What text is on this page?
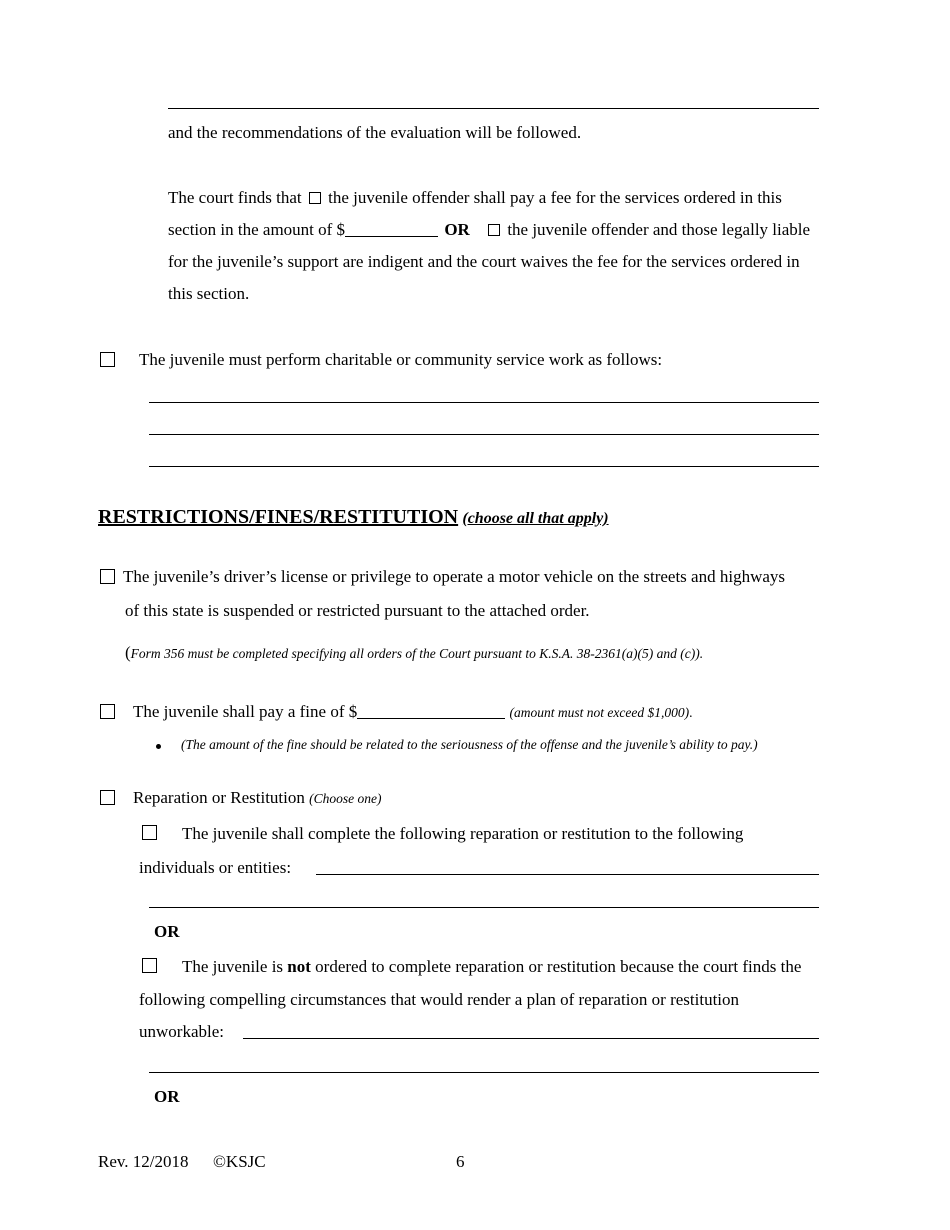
and the recommendations of the evaluation will be followed.
The court finds that the juvenile offender shall pay a fee for the services ordered in this
section in the amount of $	OR the juvenile offender and those legally liable
for the juvenile’s support are indigent and the court waives the fee for the services ordered in
this section.
The juvenile must perform charitable or community service work as follows:
RESTRICTIONS/FINES/RESTITUTION (choose all that apply)
The juvenile’s driver’s license or privilege to operate a motor vehicle on the streets and highways
of this state is suspended or restricted pursuant to the attached order.
(Form 356 must be completed specifying all orders of the Court pursuant to K.S.A. 38-2361(a)(5) and (c)).
The juvenile shall pay a fine of $	(amount must not exceed $1,000).
(The amount of the fine should be related to the seriousness of the offense and the juvenile’s ability to pay.)
Reparation or Restitution (Choose one)
The juvenile shall complete the following reparation or restitution to the following
individuals or entities:
OR
The juvenile is not ordered to complete reparation or restitution because the court finds the
following compelling circumstances that would render a plan of reparation or restitution
unworkable:
OR
Rev. 12/2018 ©KSJC	6
